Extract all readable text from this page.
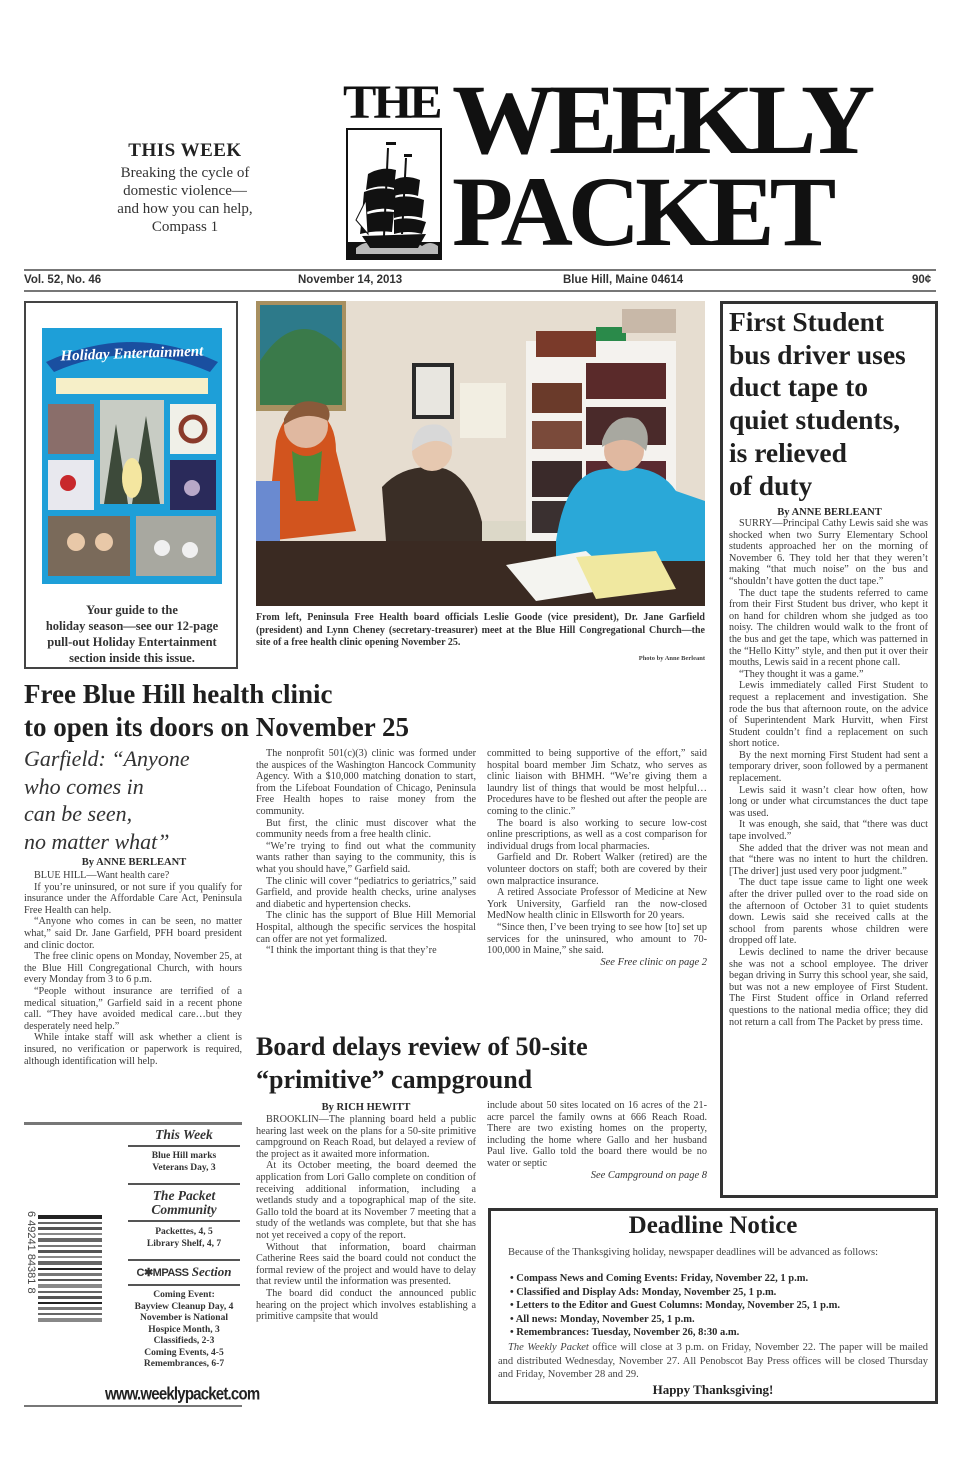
THIS WEEK
Breaking the cycle of
domestic violence—
and how you can help,
Compass 1
THE WEEKLY
PACKET
Vol. 52, No. 46	November 14, 2013	Blue Hill, Maine 04614	90¢
Holiday Entertainment
Your guide to the
holiday season—see our 12-page
pull-out Holiday Entertainment
section inside this issue.
From left, Peninsula Free Health board officials Leslie Goode (vice president), Dr. Jane Garfield (president) and Lynn Cheney (secretary-treasurer) meet at the Blue Hill Congregational Church—the site of a free health clinic opening November 25.
Photo by Anne Berleant
First Student
bus driver uses
duct tape to
quiet students,
is relieved
of duty
By ANNE BERLEANT

SURRY—Principal Cathy Lewis said she was shocked when two Surry Elementary School students approached her on the morning of November 6. They told her that they weren’t making “that much noise” on the bus and “shouldn’t have gotten the duct tape.”

The duct tape the students referred to came from their First Student bus driver, who kept it on hand for children whom she judged as too noisy. The children would walk to the front of the bus and get the tape, which was patterned in the “Hello Kitty” style, and then put it over their mouths, Lewis said in a recent phone call.

“They thought it was a game.”

Lewis immediately called First Student to request a replacement and investigation. She rode the bus that afternoon route, on the advice of Superintendent Mark Hurvitt, when First Student couldn’t find a replacement on such short notice.

By the next morning First Student had sent a temporary driver, soon followed by a permanent replacement.

Lewis said it wasn’t clear how often, how long or under what circumstances the duct tape was used.

It was enough, she said, that “there was duct tape involved.”

She added that the driver was not mean and that “there was no intent to hurt the children. [The driver] just used very poor judgment.”

The duct tape issue came to light one week after the driver pulled over to the road side on the afternoon of October 31 to quiet students down. Lewis said she received calls at the school from parents whose children were dropped off late.

Lewis declined to name the driver because she was not a school employee. The driver began driving in Surry this school year, she said, but was not a new employee of First Student. The First Student office in Orland referred questions to the national media office; they did not return a call from The Packet by press time.

Free Blue Hill health clinic
to open its doors on November 25
Garfield: “Anyone
who comes in
can be seen,
no matter what”
By ANNE BERLEANT

BLUE HILL—Want health care?

If you’re uninsured, or not sure if you qualify for insurance under the Affordable Care Act, Peninsula Free Health can help.

“Anyone who comes in can be seen, no matter what,” said Dr. Jane Garfield, PFH board president and clinic doctor.

The free clinic opens on Monday, November 25, at the Blue Hill Congregational Church, with hours every Monday from 3 to 6 p.m.

“People without insurance are terrified of a medical situation,” Garfield said in a recent phone call. “They have avoided medical care…but they desperately need help.”

While intake staff will ask whether a client is insured, no verification or paperwork is required, although identification will help.

The nonprofit 501(c)(3) clinic was formed under the auspices of the Washington Hancock Community Agency. With a $10,000 matching donation to start, from the Lifeboat Foundation of Chicago, Peninsula Free Health hopes to raise money from the community.

But first, the clinic must discover what the community needs from a free health clinic.

“We’re trying to find out what the community wants rather than saying to the community, this is what you should have,” Garfield said.

The clinic will cover “pediatrics to geriatrics,” said Garfield, and provide health checks, urine analyses and diabetic and hypertension checks.

The clinic has the support of Blue Hill Memorial Hospital, although the specific services the hospital can offer are not yet formalized.

“I think the important thing is that they’re

committed to being supportive of the effort,” said hospital board member Jim Schatz, who serves as clinic liaison with BHMH. “We’re giving them a laundry list of things that would be most helpful…Procedures have to be fleshed out after the people are coming to the clinic.”

The board is also working to secure low-cost online prescriptions, as well as a cost comparison for individual drugs from local pharmacies.

Garfield and Dr. Robert Walker (retired) are the volunteer doctors on staff; both are covered by their own malpractice insurance.

A retired Associate Professor of Medicine at New York University, Garfield ran the now-closed MedNow health clinic in Ellsworth for 20 years.

“Since then, I’ve been trying to see how [to] set up services for the uninsured, who amount to 70-100,000 in Maine,” she said.

See Free clinic on page 2
Board delays review of 50-site
“primitive” campground
By RICH HEWITT

BROOKLIN—The planning board held a public hearing last week on the plans for a 50-site primitive campground on Reach Road, but delayed a review of the project as it awaited more information.

At its October meeting, the board deemed the application from Lori Gallo complete on condition of receiving additional information, including a wetlands study and a topographical map of the site. Gallo told the board at its November 7 meeting that a study of the wetlands was complete, but that she has not yet received a copy of the report.

Without that information, board chairman Catherine Rees said the board could not conduct the formal review of the project and would have to delay that review until the information was presented.

The board did conduct the announced public hearing on the project which involves establishing a primitive campsite that would

include about 50 sites located on 16 acres of the 21-acre parcel the family owns at 666 Reach Road. There are two existing homes on the property, including the home where Gallo and her husband Paul live. Gallo told the board there would be no water or septic

See Campground on page 8
Deadline Notice
Because of the Thanksgiving holiday, newspaper deadlines will be advanced as follows:
• Compass News and Coming Events: Friday, November 22, 1 p.m.
• Classified and Display Ads: Monday, November 25, 1 p.m.
• Letters to the Editor and Guest Columns: Monday, November 25, 1 p.m.
• All news: Monday, November 25, 1 p.m.
• Remembrances: Tuesday, November 26, 8:30 a.m.
The Weekly Packet office will close at 3 p.m. on Friday, November 22. The paper will be mailed and distributed Wednesday, November 27. All Penobscot Bay Press offices will be closed Thursday and Friday, November 28 and 29.
Happy Thanksgiving!
This Week
Blue Hill marks
Veterans Day, 3
The Packet
Community
Packettes, 4, 5
Library Shelf, 4, 7
C✱MPASS Section
Coming Event:
Bayview Cleanup Day, 4
November is National
Hospice Month, 3
Classifieds, 2-3
Coming Events, 4-5
Remembrances, 6-7
6 49241 84381 8
www.weeklypacket.com
